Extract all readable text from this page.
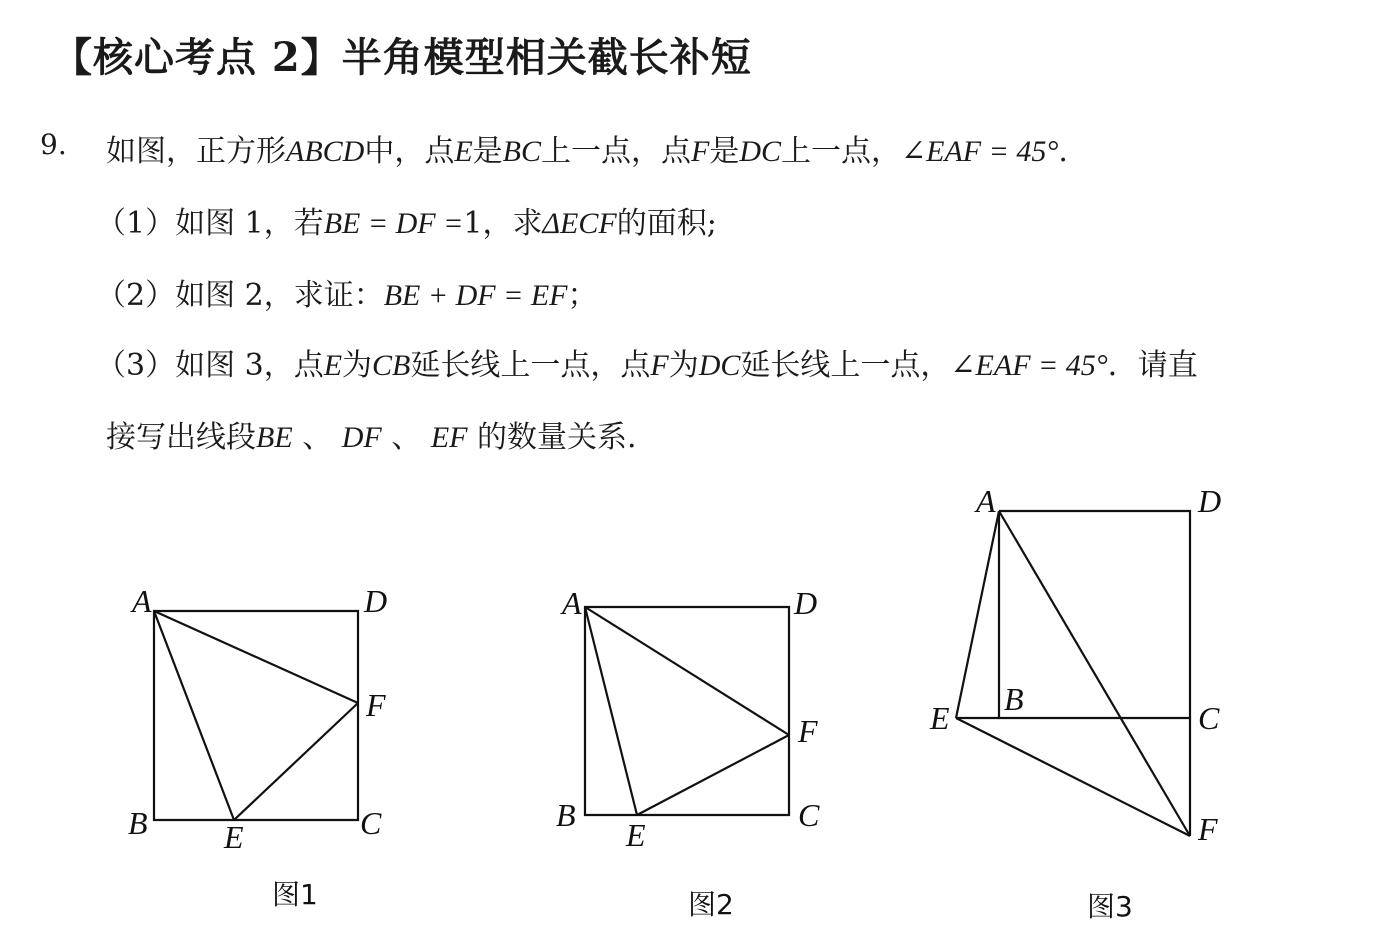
【核心考点 2】半角模型相关截长补短
9. 如图，正方形ABCD中，点E是BC上一点，点F是DC上一点，∠EAF = 45°.
（1）如图 1，若BE = DF =1，求ΔECF的面积;
（2）如图 2，求证：BE + DF = EF；
（3）如图 3，点E为CB延长线上一点，点F为DC延长线上一点，∠EAF = 45°．请直
接写出线段BE 、 DF 、 EF 的数量关系.
A	D
F
B E	C
图1
A	D
F
B
E
C
图2
A	D
B
C
E
F
图3
